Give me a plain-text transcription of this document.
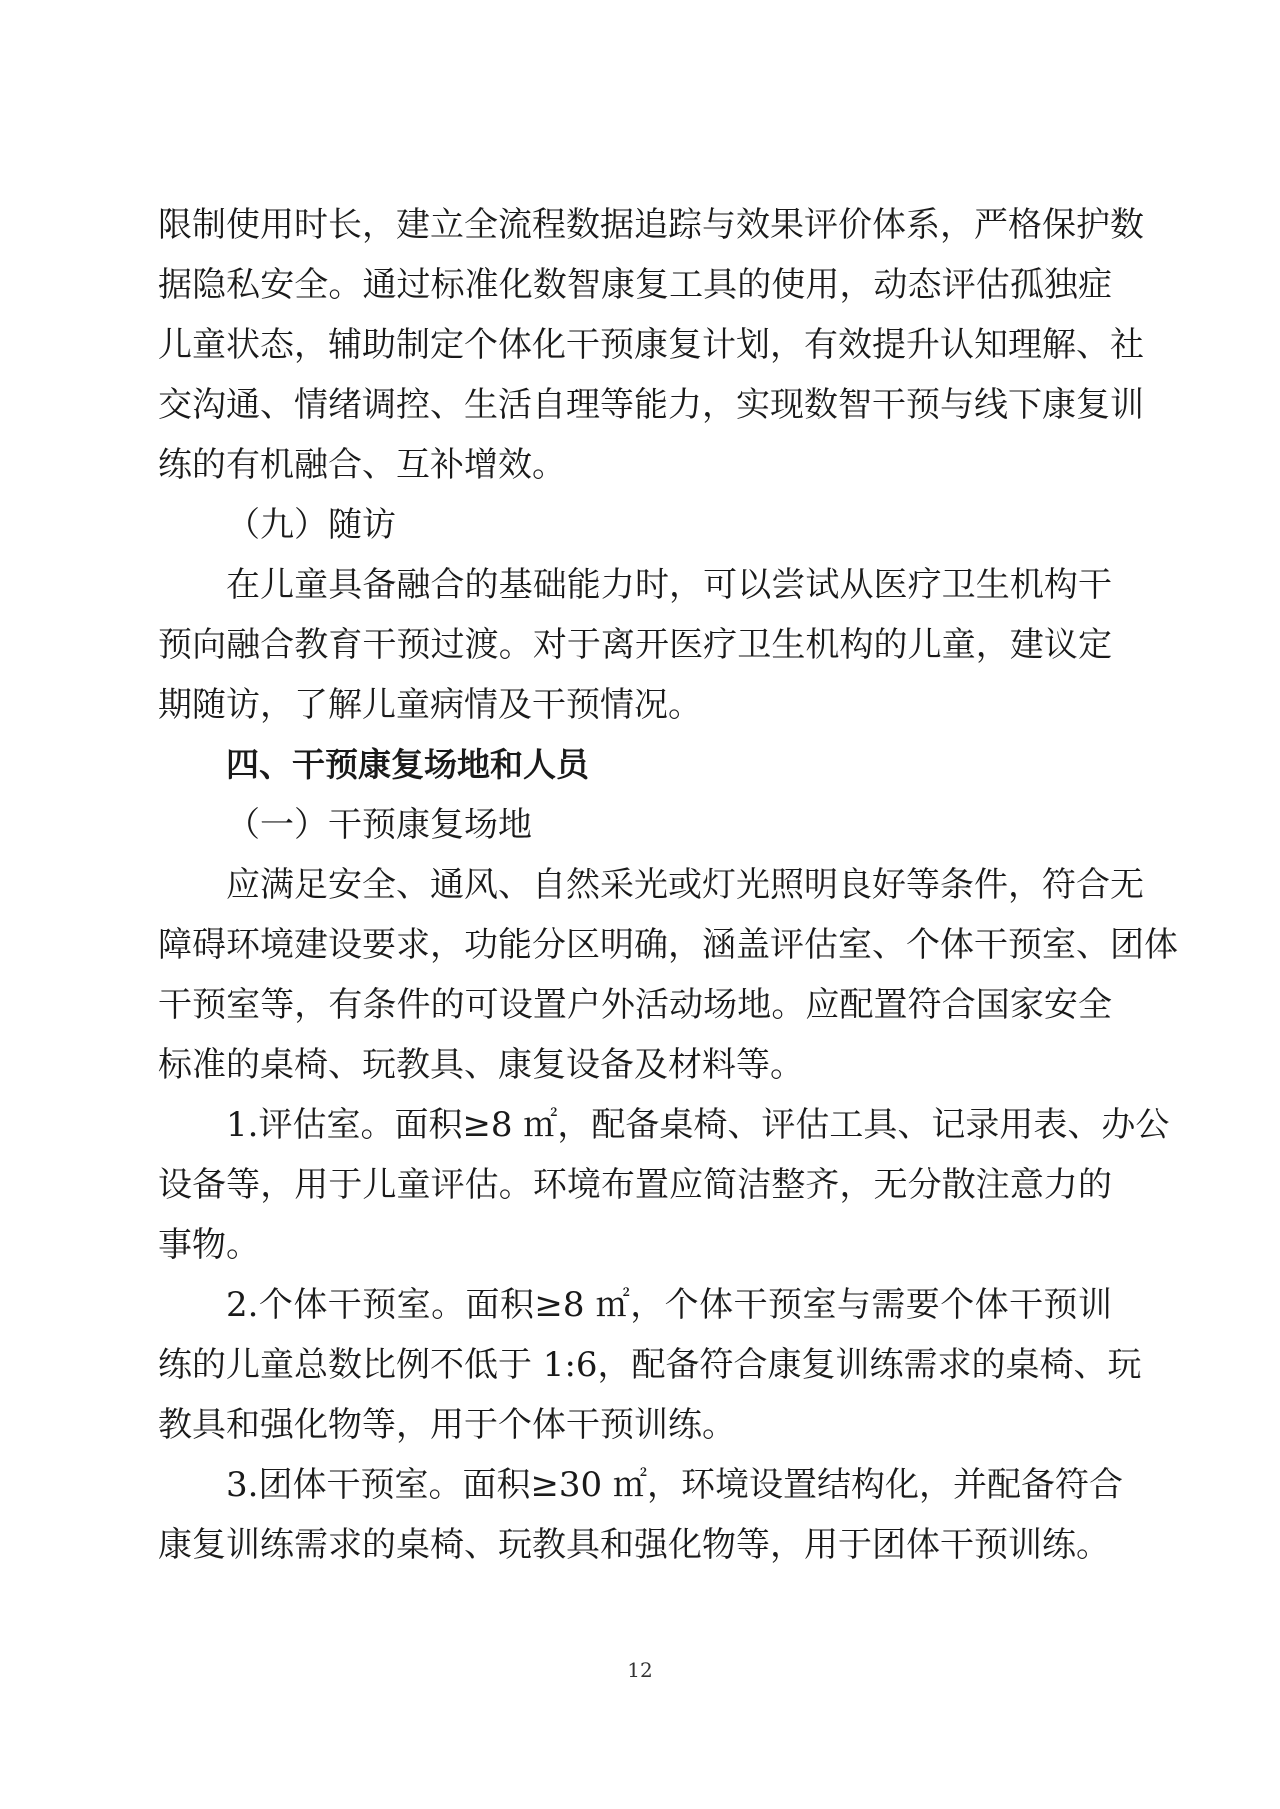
限制使用时长，建立全流程数据追踪与效果评价体系，严格保护数
据隐私安全。通过标准化数智康复工具的使用，动态评估孤独症
儿童状态，辅助制定个体化干预康复计划，有效提升认知理解、社
交沟通、情绪调控、生活自理等能力，实现数智干预与线下康复训
练的有机融合、互补增效。
（九）随访
在儿童具备融合的基础能力时，可以尝试从医疗卫生机构干
预向融合教育干预过渡。对于离开医疗卫生机构的儿童，建议定
期随访，了解儿童病情及干预情况。
四、干预康复场地和人员
（一）干预康复场地
应满足安全、通风、自然采光或灯光照明良好等条件，符合无
障碍环境建设要求，功能分区明确，涵盖评估室、个体干预室、团体
干预室等，有条件的可设置户外活动场地。应配置符合国家安全
标准的桌椅、玩教具、康复设备及材料等。
1.评估室。面积≥8 ㎡，配备桌椅、评估工具、记录用表、办公
设备等，用于儿童评估。环境布置应简洁整齐，无分散注意力的
事物。
2.个体干预室。面积≥8 ㎡，个体干预室与需要个体干预训
练的儿童总数比例不低于 1:6，配备符合康复训练需求的桌椅、玩
教具和强化物等，用于个体干预训练。
3.团体干预室。面积≥30 ㎡，环境设置结构化，并配备符合
康复训练需求的桌椅、玩教具和强化物等，用于团体干预训练。
12
